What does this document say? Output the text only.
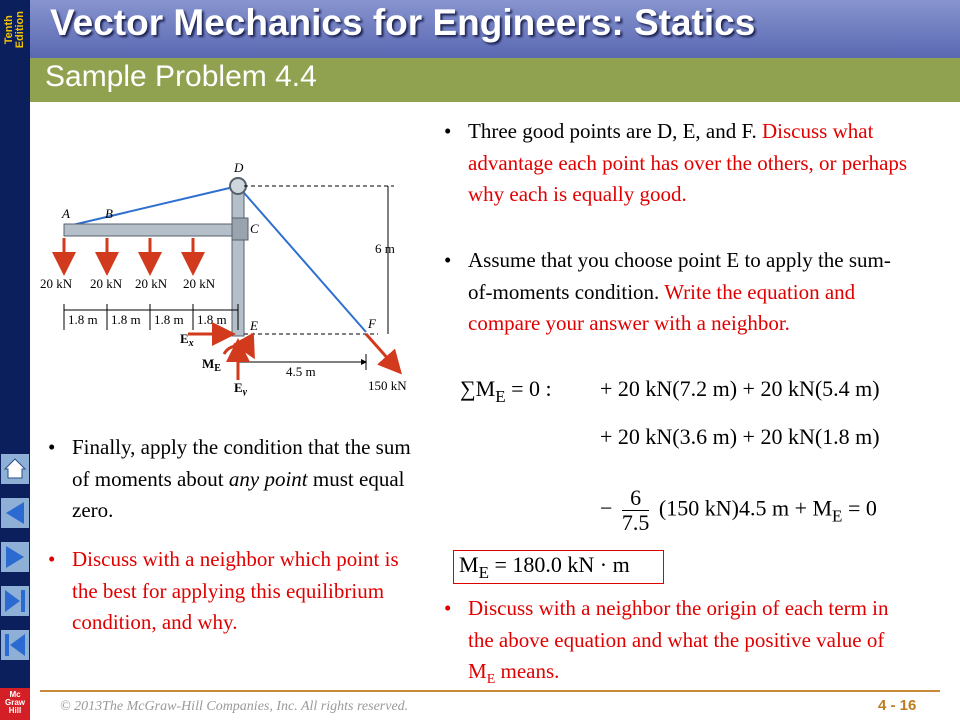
Tenth
Edition Vector Mechanics for Engineers: Statics
Sample Problem 4.4
20 kN 20 kN 20 kN 20 kN
A	B
C
D
E	F
6 m
4.5 m
150 kN
1.8 m 1.8 m 1.8 m 1.8 m
$E_x$
$M_E$
$E_y$
• Three good points are D, E, and F. Discuss what advantage each point has over the others, or perhaps why each is equally good.
• Assume that you choose point E to apply the sum-of-moments condition. Write the equation and compare your answer with a neighbor.
$\sum M_E = 0$ : + 20 kN(7.2 m) + 20 kN(5.4 m)
+ 20 kN(3.6 m) + 20 kN(1.8 m)
− $\frac{6}{7.5} (150$ kN)4.5 $m + M_E = 0$
$M_E = 180.0$ kN · m
• Discuss with a neighbor the origin of each term in the above equation and what the positive value of $M_E$ means.
• Finally, apply the condition that the sum of moments about any point must equal zero.
• Discuss with a neighbor which point is the best for applying this equilibrium condition, and why.
© 2013The McGraw-Hill Companies, Inc. All rights reserved.	4 - 16
Mc
Graw
Hill
